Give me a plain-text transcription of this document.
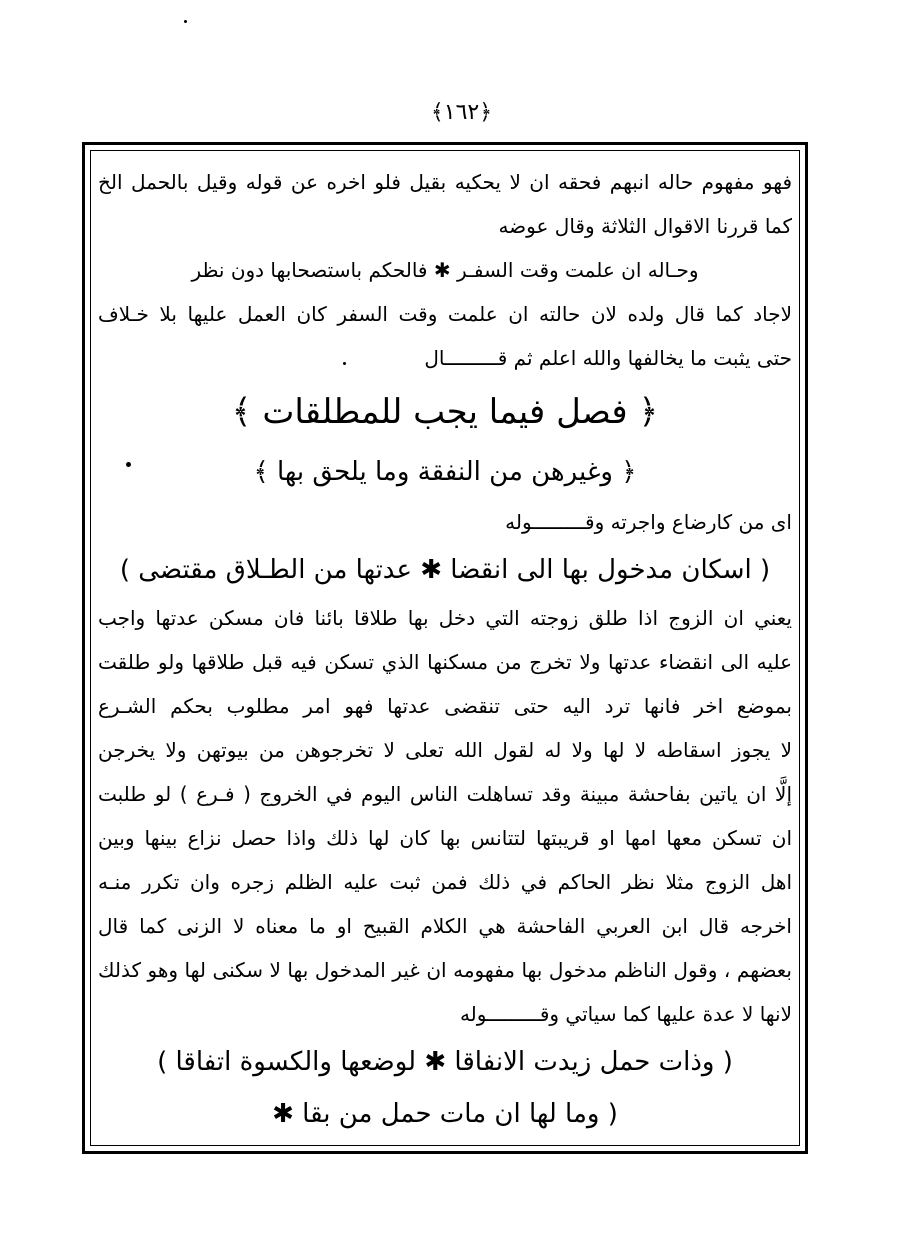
﴿١٦٢﴾
فهو مفهوم حاله انبهم فحقه ان لا يحكيه بقيل فلو اخره عن قوله وقيل بالحمل الخ
كما قررنا الاقوال الثلاثة وقال عوضه
وحـاله ان علمت وقت السفـر ✱ فالحكم باستصحابها دون نظر
لاجاد كما قال ولده لان حالته ان علمت وقت السفر كان العمل عليها بلا خـلاف
حتى يثبت ما يخالفها والله اعلم ثم قـــــــــال
﴿ فصل فيما يجب للمطلقات ﴾
﴿ وغيرهن من النفقة وما يلحق بها ﴾
اى من كارضاع واجرته وقـــــــــوله
( اسكان مدخول بها الى انقضا ✱ عدتها من الطـلاق مقتضى )
يعني ان الزوج اذا طلق زوجته التي دخل بها طلاقا بائنا فان مسكن عدتها واجب
عليه الى انقضاء عدتها ولا تخرج من مسكنها الذي تسكن فيه قبل طلاقها ولو طلقت
بموضع اخر فانها ترد اليه حتى تنقضى عدتها فهو امر مطلوب بحكم الشـرع
لا يجوز اسقاطه لا لها ولا له لقول الله تعلى لا تخرجوهن من بيوتهن ولا يخرجن
إلَّا ان ياتين بفاحشة مبينة وقد تساهلت الناس اليوم في الخروج ( فـرع ) لو طلبت
ان تسكن معها امها او قريبتها لتتانس بها كان لها ذلك واذا حصل نزاع بينها وبين
اهل الزوج مثلا نظر الحاكم في ذلك فمن ثبت عليه الظلم زجره وان تكرر منـه
اخرجه قال ابن العربي الفاحشة هي الكلام القبيح او ما معناه لا الزنى كما قال
بعضهم ، وقول الناظم مدخول بها مفهومه ان غير المدخول بها لا سكنى لها وهو كذلك
لانها لا عدة عليها كما سياتي وقـــــــــوله
( وذات حمل زيدت الانفاقا ✱ لوضعها والكسوة اتفاقا )
( وما لها ان مات حمل من بقا ✱
